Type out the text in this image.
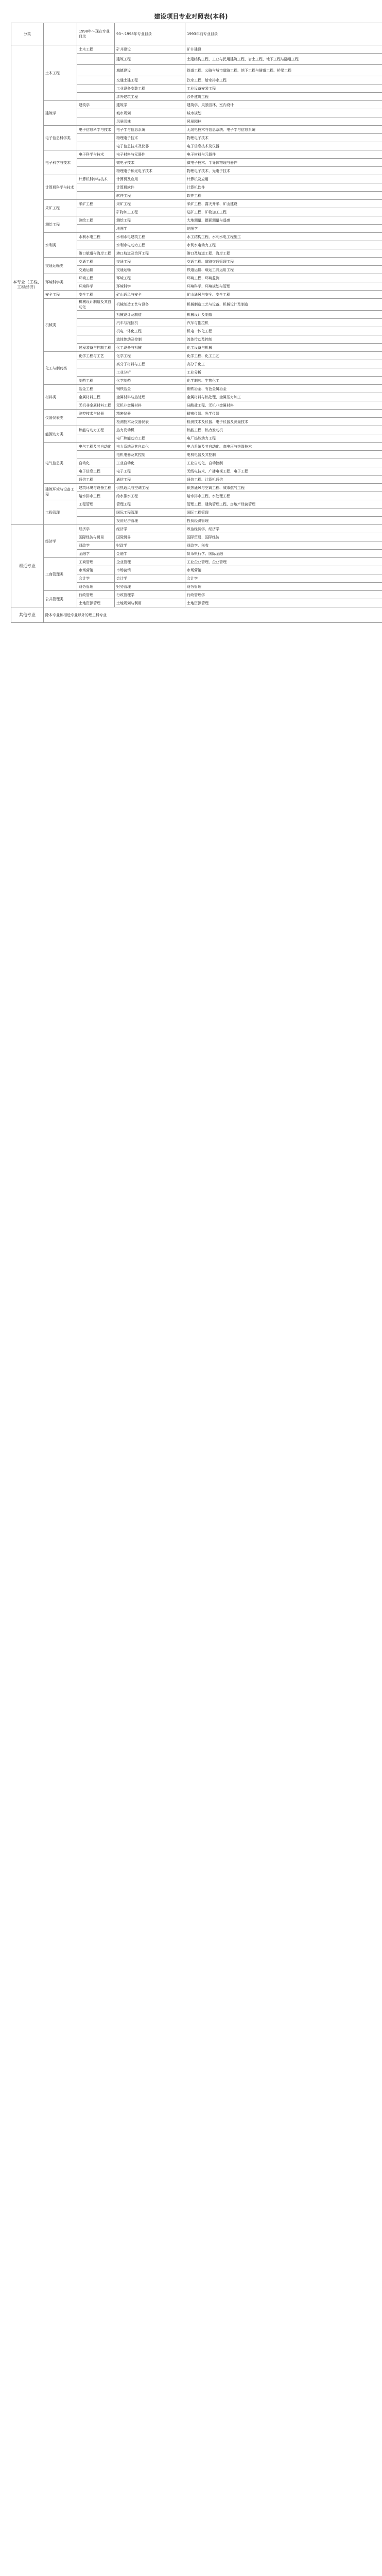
建设项目专业对照表(本科)
分类		1998年～现在专业目录	93～1998年专业目录	1993年前专业目录
本专业（工程、工程经济）	土木工程	土木工程	矿井建设	矿井建设
			建筑工程	土建结构工程、工业与民用建筑工程、岩土工程、地下工程与隧道工程
			城镇建设	铁道工程、公路与城市道路工程、地下工程与隧道工程、桥梁工程
			交通土建工程	饮水工程、给水排水工程
			工业设备安装工程	工业设备安装工程
			涉外建筑工程	涉外建筑工程
	建筑学	建筑学	建筑学	建筑学、风景园林、室内设计
			城市规划	城市规划
			风景园林	风景园林
	电子信息科学类	电子信息科学与技术	电子学与信息系统	无线电技术与信息系统、电子学与信息系统
			物理电子技术	物理电子技术
			电子信息技术及仪器	电子信息技术及仪器
	电子科学与技术	电子科学与技术	电子材料与元器件	电子材料与元器件
			微电子技术	微电子技术、半导体物理与器件
			物理电子和光电子技术	物理电子技术、光电子技术
	计算机科学与技术	计算机科学与技术	计算机及应用	计算机及应用
			计算机软件	计算机软件
			软件工程	软件工程
	采矿工程	采矿工程	采矿工程	采矿工程、露天开采、矿山建设
			矿物加工工程	选矿工程、矿物加工工程
	测绘工程	测绘工程	测绘工程	大地测量、摄影测量与遥感
			地图学	地图学
	水利类	水利水电工程	水利水电建筑工程	水工结构工程、水利水电工程施工
			水利水电动力工程	水利水电动力工程
		港口航道与海岸工程	港口航道及治河工程	港口及航道工程、海岸工程
	交通运输类	交通工程	交通工程	交通工程、道路交通管理工程
		交通运输	交通运输	铁道运输、载运工具运用工程
	环境科学类	环境工程	环境工程	环境工程、环境监测
		环境科学	环境科学	环境科学、环境规划与管理
	安全工程	安全工程	矿山通风与安全	矿山通风与安全、安全工程
	机械类	机械设计制造及其自动化	机械制造工艺与设备	机械制造工艺与设备、机械设计及制造
			机械设计及制造	机械设计及制造
			汽车与拖拉机	汽车与拖拉机
			机电一体化工程	机电一体化工程
			流体传动及控制	流体传动及控制
		过程装备与控制工程	化工设备与机械	化工设备与机械
	化工与制药类	化学工程与工艺	化学工程	化学工程、化工工艺
			高分子材料与工程	高分子化工
			工业分析	工业分析
		制药工程	化学制药	化学制药、生物化工
	材料类	冶金工程	钢铁冶金	钢铁冶金、有色金属冶金
		金属材料工程	金属材料与热处理	金属材料与热处理、金属压力加工
		无机非金属材料工程	无机非金属材料	硅酸盐工程、无机非金属材料
	仪器仪表类	测控技术与仪器	精密仪器	精密仪器、光学仪器
			检测技术及仪器仪表	检测技术及仪器、电子仪器及测量技术
	能源动力类	热能与动力工程	热力发动机	热能工程、热力发动机
			电厂热能动力工程	电厂热能动力工程
	电气信息类	电气工程及其自动化	电力系统及其自动化	电力系统及其自动化、高电压与绝缘技术
			电机电器及其控制	电机电器及其控制
		自动化	工业自动化	工业自动化、自动控制
		电子信息工程	电子工程	无线电技术、广播电视工程、电子工程
		通信工程	通信工程	通信工程、计算机通信
	建筑环境与设备工程	建筑环境与设备工程	供热通风与空调工程	供热通风与空调工程、城市燃气工程
		给水排水工程	给水排水工程	给水排水工程、水处理工程
	工程管理	工程管理	管理工程	管理工程、建筑管理工程、房地产经营管理
			国际工程管理	国际工程管理
			投资经济管理	投资经济管理
相近专业	经济学	经济学	经济学	政治经济学、经济学
		国际经济与贸易	国际贸易	国际贸易、国际经济
		财政学	财政学	财政学、税收
		金融学	金融学	货币银行学、国际金融
	工商管理类	工商管理	企业管理	工业企业管理、企业管理
		市场营销	市场营销	市场营销
		会计学	会计学	会计学
		财务管理	财务管理	财务管理
	公共管理类	行政管理	行政管理学	行政管理学
		土地资源管理	土地规划与利用	土地资源管理
其他专业	除本专业和相近专业以外的理工科专业			
